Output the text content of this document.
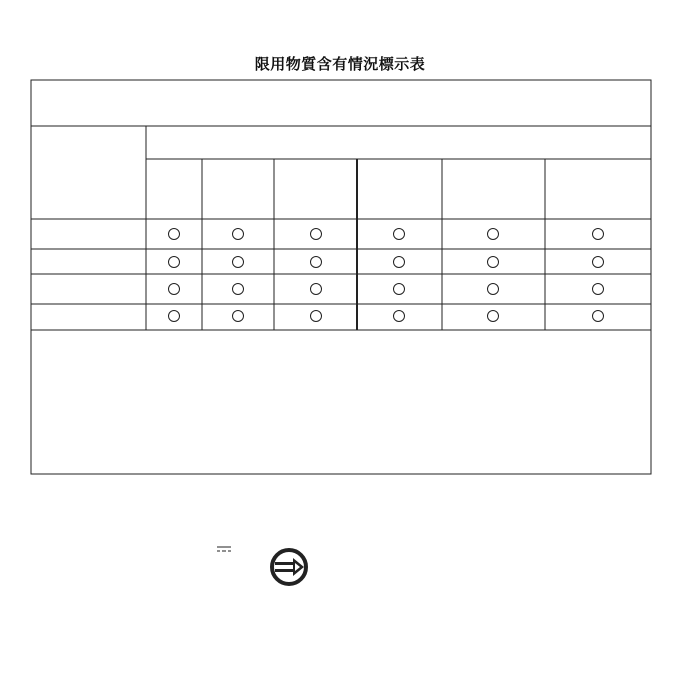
限用物質含有情況標示表
